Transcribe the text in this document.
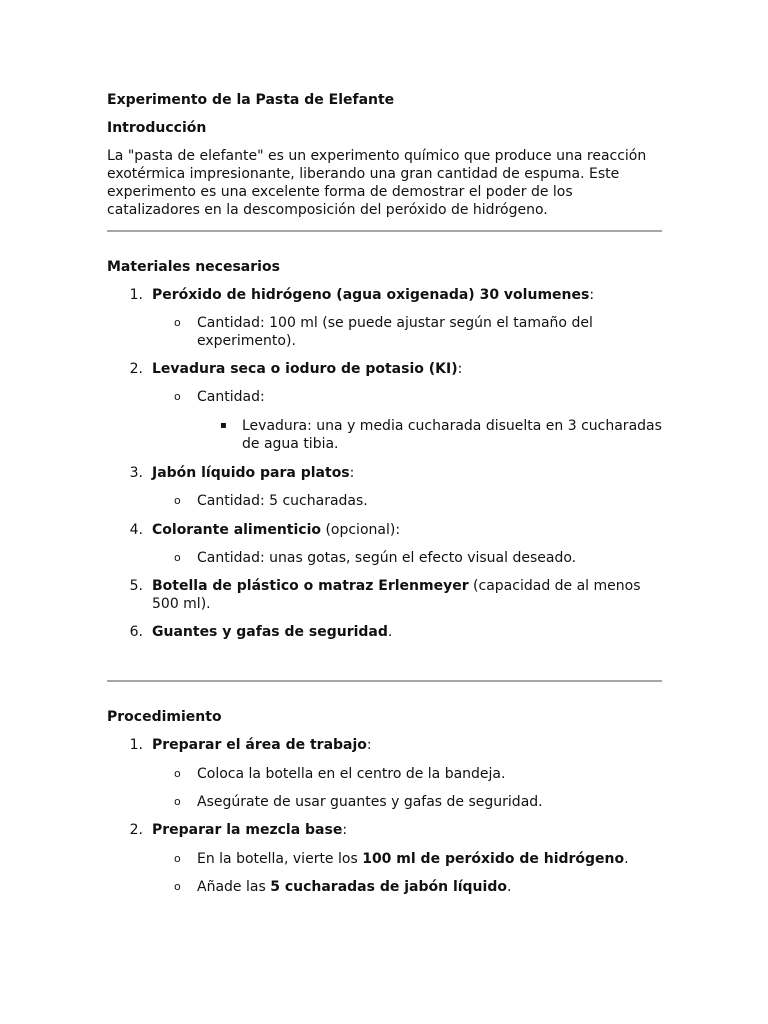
Experimento de la Pasta de Elefante
Introducción
La "pasta de elefante" es un experimento químico que produce una reacción
exotérmica impresionante, liberando una gran cantidad de espuma. Este
experimento es una excelente forma de demostrar el poder de los
catalizadores en la descomposición del peróxido de hidrógeno.
Materiales necesarios
1. Peróxido de hidrógeno (agua oxigenada) 30 volumenes:
o Cantidad: 100 ml (se puede ajustar según el tamaño del
experimento).
2. Levadura seca o ioduro de potasio (KI):
o Cantidad:
▪ Levadura: una y media cucharada disuelta en 3 cucharadas
de agua tibia.
3. Jabón líquido para platos:
o Cantidad: 5 cucharadas.
4. Colorante alimenticio (opcional):
o Cantidad: unas gotas, según el efecto visual deseado.
5. Botella de plástico o matraz Erlenmeyer (capacidad de al menos
500 ml).
6. Guantes y gafas de seguridad.
Procedimiento
1. Preparar el área de trabajo:
o Coloca la botella en el centro de la bandeja.
o Asegúrate de usar guantes y gafas de seguridad.
2. Preparar la mezcla base:
o En la botella, vierte los 100 ml de peróxido de hidrógeno.
o Añade las 5 cucharadas de jabón líquido.
